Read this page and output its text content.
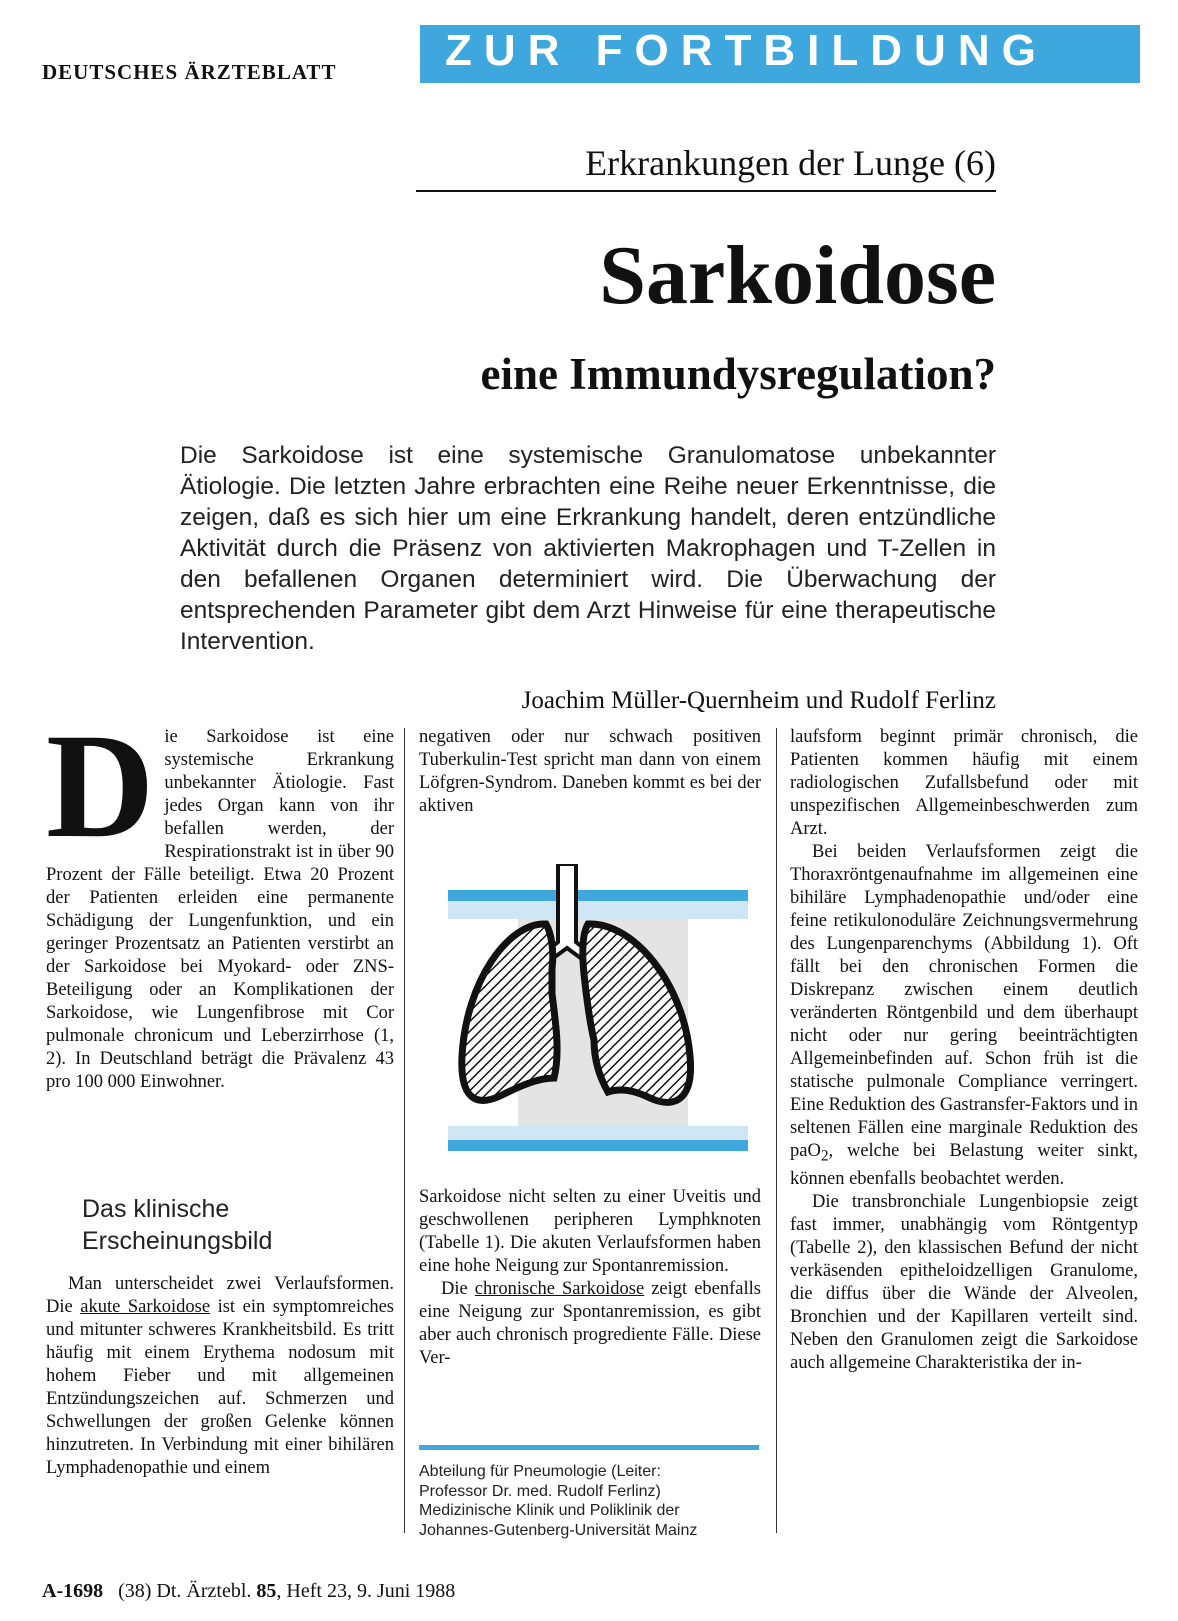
DEUTSCHES ÄRZTEBLATT	ZUR FORTBILDUNG
Erkrankungen der Lunge (6)
Sarkoidose
eine Immundysregulation?

Die Sarkoidose ist eine systemische Granulomatose unbekannter Ätiologie. Die letzten Jahre erbrachten eine Reihe neuer Erkenntnisse, die zeigen, daß es sich hier um eine Erkrankung handelt, deren entzündliche Aktivität durch die Präsenz von aktivierten Makrophagen und T-Zellen in den befallenen Organen determiniert wird. Die Überwachung der entsprechenden Parameter gibt dem Arzt Hinweise für eine therapeutische Intervention.

Joachim Müller-Quernheim und Rudolf Ferlinz
D ie Sarkoidose ist eine systemische Erkrankung unbekannter Ätiologie. Fast jedes Organ kann von ihr befallen werden, der Respirationstrakt ist in über 90 Prozent der Fälle beteiligt. Etwa 20 Prozent der Patienten erleiden eine permanente Schädigung der Lungenfunktion, und ein geringer Prozentsatz an Patienten verstirbt an der Sarkoidose bei Myokard- oder ZNS-Beteiligung oder an Komplikationen der Sarkoidose, wie Lungenfibrose mit Cor pulmonale chronicum und Leberzirrhose (1, 2). In Deutschland beträgt die Prävalenz 43 pro 100 000 Einwohner.

Das klinische Erscheinungsbild

Man unterscheidet zwei Verlaufsformen. Die akute Sarkoidose ist ein symptomreiches und mitunter schweres Krankheitsbild. Es tritt häufig mit einem Erythema nodosum mit hohem Fieber und mit allgemeinen Entzündungszeichen auf. Schmerzen und Schwellungen der großen Gelenke können hinzutreten. In Verbindung mit einer bihilären Lymphadenopathie und einem

negativen oder nur schwach positiven Tuberkulin-Test spricht man dann von einem Löfgren-Syndrom. Daneben kommt es bei der aktiven

Sarkoidose nicht selten zu einer Uveitis und geschwollenen peripheren Lymphknoten (Tabelle 1). Die akuten Verlaufsformen haben eine hohe Neigung zur Spontanremission.

Die chronische Sarkoidose zeigt ebenfalls eine Neigung zur Spontanremission, es gibt aber auch chronisch progrediente Fälle. Diese Ver-

Abteilung für Pneumologie (Leiter:
Professor Dr. med. Rudolf Ferlinz)
Medizinische Klinik und Poliklinik der
Johannes-Gutenberg-Universität Mainz

laufsform beginnt primär chronisch, die Patienten kommen häufig mit einem radiologischen Zufallsbefund oder mit unspezifischen Allgemeinbeschwerden zum Arzt.

Bei beiden Verlaufsformen zeigt die Thoraxröntgenaufnahme im allgemeinen eine bihiläre Lymphadenopathie und/oder eine feine retikulonoduläre Zeichnungsvermehrung des Lungenparenchyms (Abbildung 1). Oft fällt bei den chronischen Formen die Diskrepanz zwischen einem deutlich veränderten Röntgenbild und dem überhaupt nicht oder nur gering beeinträchtigten Allgemeinbefinden auf. Schon früh ist die statische pulmonale Compliance verringert. Eine Reduktion des Gastransfer-Faktors und in seltenen Fällen eine marginale Reduktion des paO$_2$, welche bei Belastung weiter sinkt, können ebenfalls beobachtet werden.

Die transbronchiale Lungenbiopsie zeigt fast immer, unabhängig vom Röntgentyp (Tabelle 2), den klassischen Befund der nicht verkäsenden epitheloidzelligen Granulome, die diffus über die Wände der Alveolen, Bronchien und der Kapillaren verteilt sind. Neben den Granulomen zeigt die Sarkoidose auch allgemeine Charakteristika der in-

A-1698 (38) Dt. Ärztebl. 85, Heft 23, 9. Juni 1988
